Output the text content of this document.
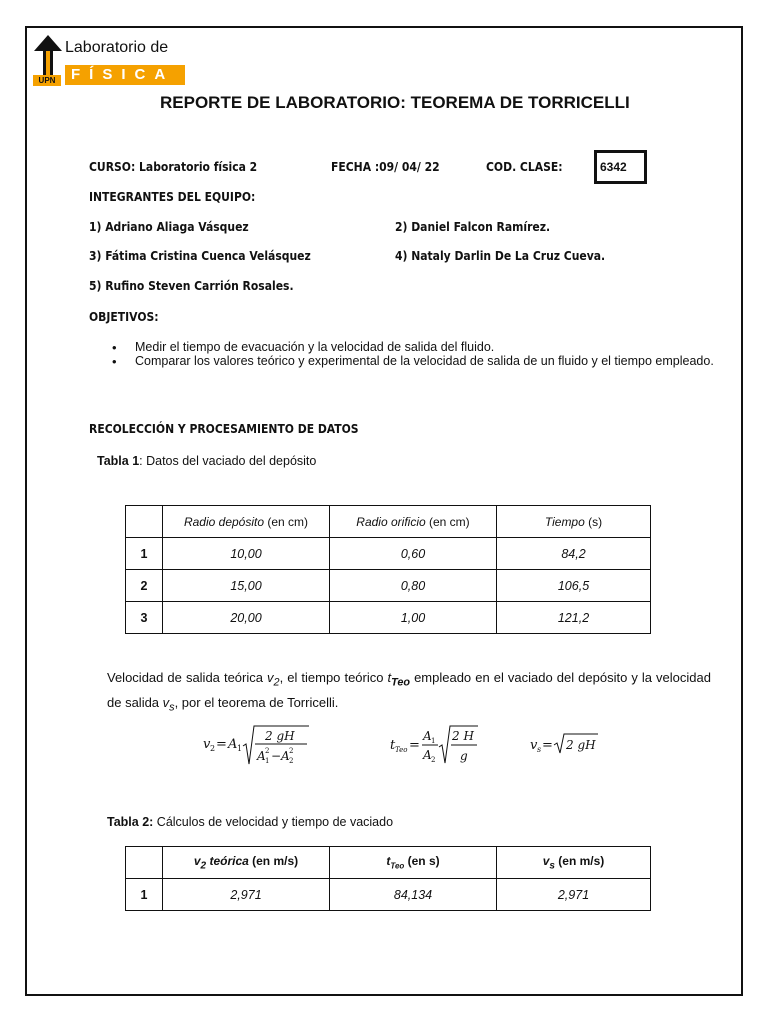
UPN
Laboratorio de
FÍSICA
REPORTE DE LABORATORIO: TEOREMA DE TORRICELLI
CURSO: Laboratorio física 2	FECHA :09/ 04/ 22	COD. CLASE:	6342
INTEGRANTES DEL EQUIPO:
1) Adriano Aliaga Vásquez	2) Daniel Falcon Ramírez.
3) Fátima Cristina Cuenca Velásquez	4) Nataly Darlin De La Cruz Cueva.
5) Rufino Steven Carrión Rosales.
OBJETIVOS:
• Medir el tiempo de evacuación y la velocidad de salida del fluido.
• Comparar los valores teórico y experimental de la velocidad de salida de un fluido y el tiempo empleado.
RECOLECCIÓN Y PROCESAMIENTO DE DATOS
Tabla 1: Datos del vaciado del depósito
	Radio depósito (en cm)	Radio orificio (en cm)	Tiempo (s)
1	10,00	0,60	84,2
2	15,00	0,80	106,5
3	20,00	1,00	121,2
Velocidad de salida teórica $v_2$, el tiempo teórico $t_{Teo}$ empleado en el vaciado del depósito y la velocidad de salida $v_s$, por el teorema de Torricelli.
v 2 = A 1
2 gH
A 1
2 − A 2
2	t Teo =
A 1
A 2
2 H
g
v s = 2 gH
Tabla 2: Cálculos de velocidad y tiempo de vaciado
	$v_2$ teórica (en m/s)	$t_{Teo}$ (en s)	$v_s$ (en m/s)
1	2,971	84,134	2,971
